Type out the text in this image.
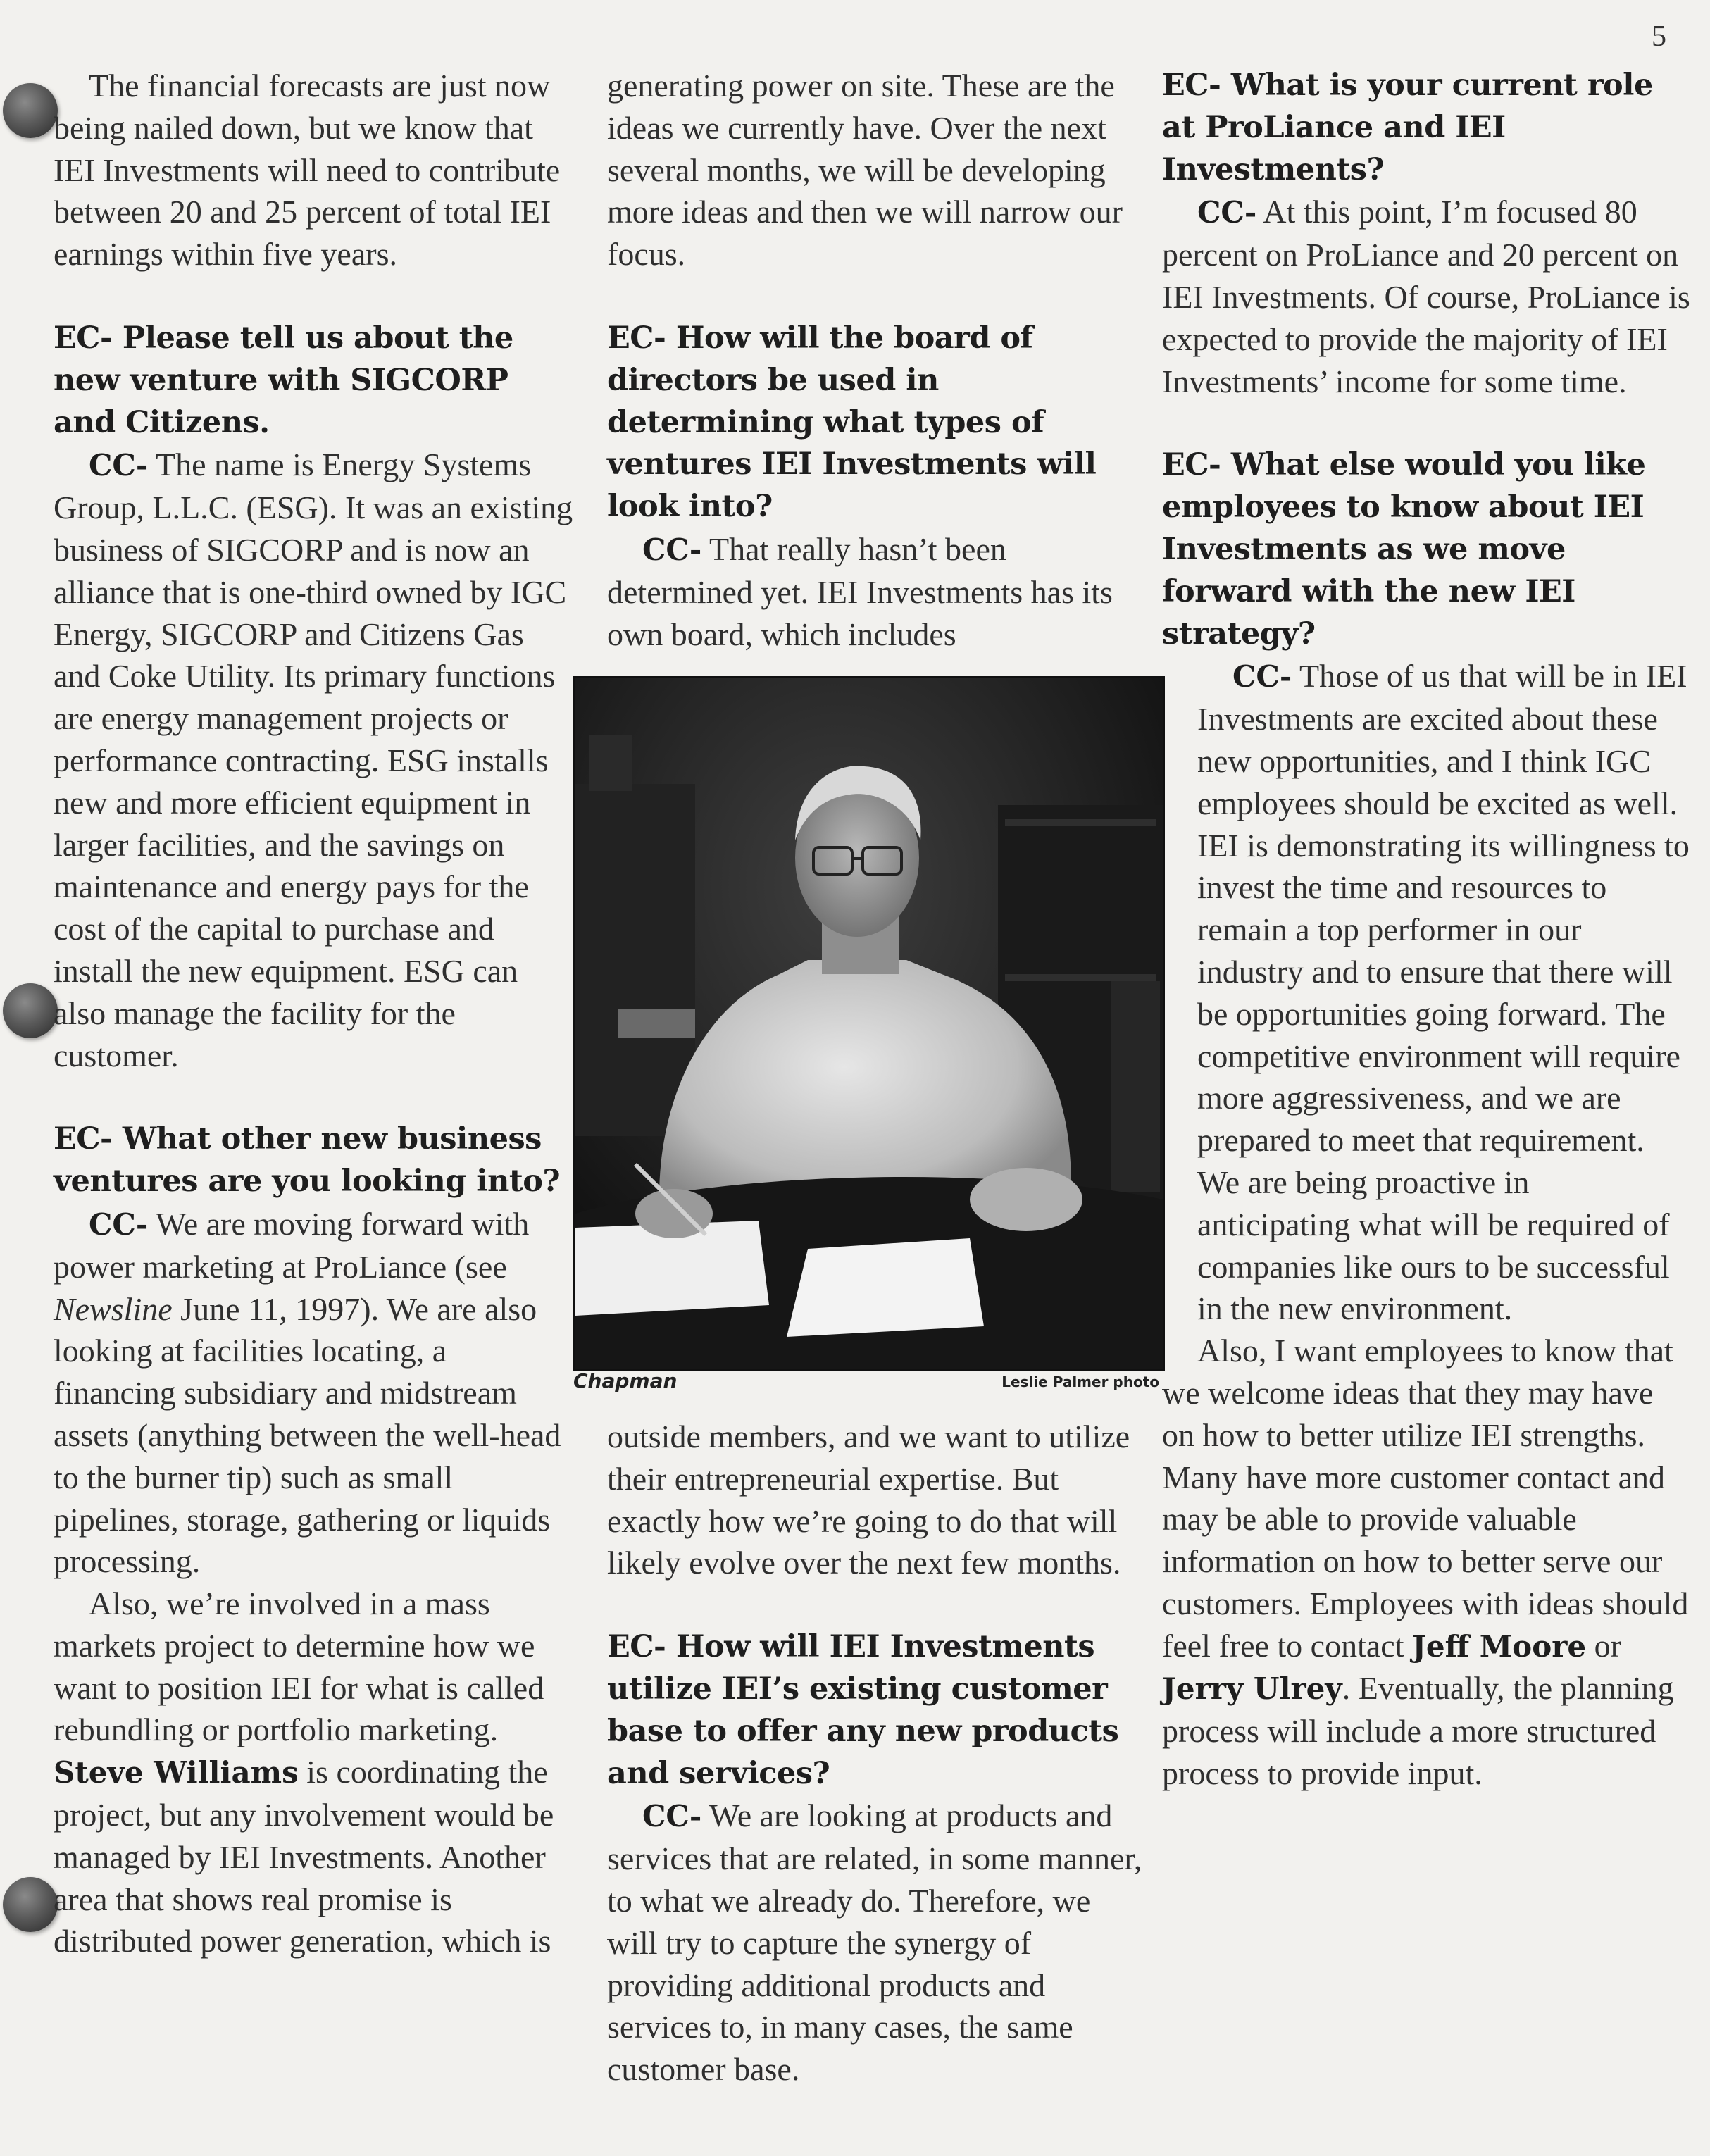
5

The financial forecasts are just now being nailed down, but we know that IEI Investments will need to contribute between 20 and 25 percent of total IEI earnings within five years.

EC- Please tell us about the new venture with SIGCORP and Citizens.

CC- The name is Energy Systems Group, L.L.C. (ESG). It was an existing business of SIGCORP and is now an alliance that is one-third owned by IGC Energy, SIGCORP and Citizens Gas and Coke Utility. Its primary functions are energy management projects or performance contracting. ESG installs new and more efficient equipment in larger facilities, and the savings on maintenance and energy pays for the cost of the capital to purchase and install the new equipment. ESG can also manage the facility for the customer.

EC- What other new business ventures are you looking into?

CC- We are moving forward with power marketing at ProLiance (see Newsline June 11, 1997). We are also looking at facilities locating, a financing subsidiary and midstream assets (anything between the well-head to the burner tip) such as small pipelines, storage, gathering or liquids processing.

Also, we’re involved in a mass markets project to determine how we want to position IEI for what is called rebundling or portfolio marketing. Steve Williams is coordinating the project, but any involvement would be managed by IEI Investments. Another area that shows real promise is distributed power generation, which is

generating power on site. These are the ideas we currently have. Over the next several months, we will be developing more ideas and then we will narrow our focus.

EC- How will the board of directors be used in determining what types of ventures IEI Investments will look into?

CC- That really hasn’t been determined yet. IEI Investments has its own board, which includes

Chapman	Leslie Palmer photo

outside members, and we want to utilize their entrepreneurial expertise. But exactly how we’re going to do that will likely evolve over the next few months.

EC- How will IEI Investments utilize IEI’s existing customer base to offer any new products and services?

CC- We are looking at products and services that are related, in some manner, to what we already do. Therefore, we will try to capture the synergy of providing additional products and services to, in many cases, the same customer base.

EC- What is your current role at ProLiance and IEI Investments?

CC- At this point, I’m focused 80 percent on ProLiance and 20 percent on IEI Investments. Of course, ProLiance is expected to provide the majority of IEI Investments’ income for some time.

EC- What else would you like employees to know about IEI Investments as we move forward with the new IEI strategy?

CC- Those of us that will be in IEI Investments are excited about these new opportunities, and I think IGC employees should be excited as well. IEI is demonstrating its willingness to invest the time and resources to remain a top performer in our industry and to ensure that there will be opportunities going forward. The competitive environment will require more aggressiveness, and we are prepared to meet that requirement. We are being proactive in anticipating what will be required of companies like ours to be successful in the new environment.

Also, I want employees to know that we welcome ideas that they may have on how to better utilize IEI strengths. Many have more customer contact and may be able to provide valuable information on how to better serve our customers. Employees with ideas should feel free to contact Jeff Moore or Jerry Ulrey. Eventually, the planning process will include a more structured process to provide input.
